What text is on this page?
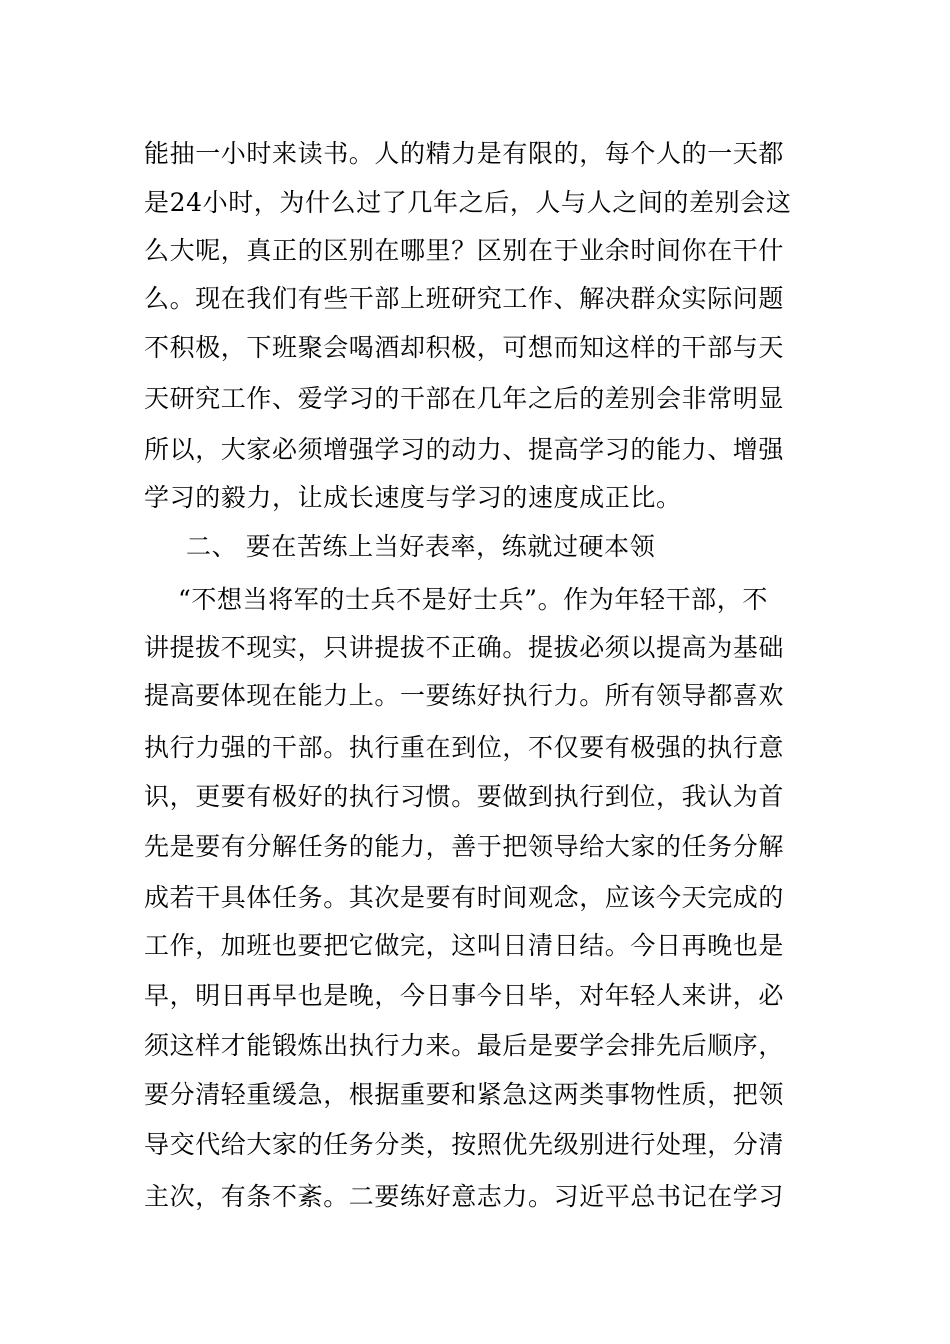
能抽一小时来读书。人的精力是有限的，每个人的一天都
是24小时，为什么过了几年之后，人与人之间的差别会这
么大呢，真正的区别在哪里？区别在于业余时间你在干什
么。现在我们有些干部上班研究工作、解决群众实际问题
不积极，下班聚会喝酒却积极，可想而知这样的干部与天
天研究工作、爱学习的干部在几年之后的差别会非常明显
所以，大家必须增强学习的动力、提高学习的能力、增强
学习的毅力，让成长速度与学习的速度成正比。
二、 要在苦练上当好表率，练就过硬本领
“不想当将军的士兵不是好士兵”。作为年轻干部，不
讲提拔不现实，只讲提拔不正确。提拔必须以提高为基础
提高要体现在能力上。一要练好执行力。所有领导都喜欢
执行力强的干部。执行重在到位，不仅要有极强的执行意
识，更要有极好的执行习惯。要做到执行到位，我认为首
先是要有分解任务的能力，善于把领导给大家的任务分解
成若干具体任务。其次是要有时间观念，应该今天完成的
工作，加班也要把它做完，这叫日清日结。今日再晚也是
早，明日再早也是晚，今日事今日毕，对年轻人来讲，必
须这样才能锻炼出执行力来。最后是要学会排先后顺序，
要分清轻重缓急，根据重要和紧急这两类事物性质，把领
导交代给大家的任务分类，按照优先级别进行处理，分清
主次，有条不紊。二要练好意志力。习近平总书记在学习
